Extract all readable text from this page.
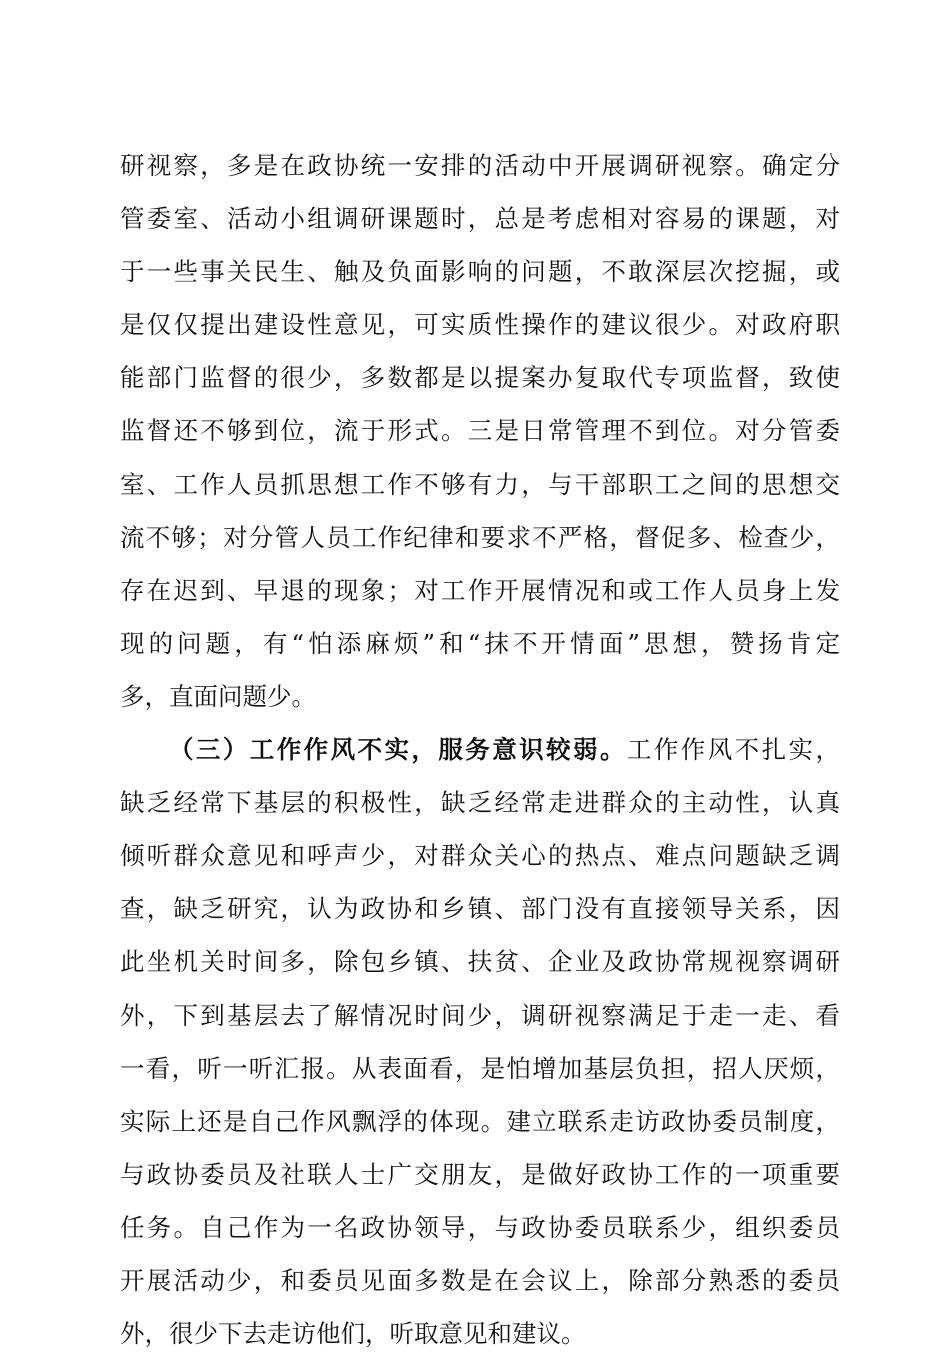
研视察，多是在政协统一安排的活动中开展调研视察。确定分
管委室、活动小组调研课题时，总是考虑相对容易的课题，对
于一些事关民生、触及负面影响的问题，不敢深层次挖掘，或
是仅仅提出建设性意见，可实质性操作的建议很少。对政府职
能部门监督的很少，多数都是以提案办复取代专项监督，致使
监督还不够到位，流于形式。三是日常管理不到位。对分管委
室、工作人员抓思想工作不够有力，与干部职工之间的思想交
流不够；对分管人员工作纪律和要求不严格，督促多、检查少，
存在迟到、早退的现象；对工作开展情况和或工作人员身上发
现的问题，有“怕添麻烦”和“抹不开情面”思想，赞扬肯定
多，直面问题少。
（三）工作作风不实，服务意识较弱。工作作风不扎实，
缺乏经常下基层的积极性，缺乏经常走进群众的主动性，认真
倾听群众意见和呼声少，对群众关心的热点、难点问题缺乏调
查，缺乏研究，认为政协和乡镇、部门没有直接领导关系，因
此坐机关时间多，除包乡镇、扶贫、企业及政协常规视察调研
外，下到基层去了解情况时间少，调研视察满足于走一走、看
一看，听一听汇报。从表面看，是怕增加基层负担，招人厌烦，
实际上还是自己作风飘浮的体现。建立联系走访政协委员制度，
与政协委员及社联人士广交朋友，是做好政协工作的一项重要
任务。自己作为一名政协领导，与政协委员联系少，组织委员
开展活动少，和委员见面多数是在会议上，除部分熟悉的委员
外，很少下去走访他们，听取意见和建议。
